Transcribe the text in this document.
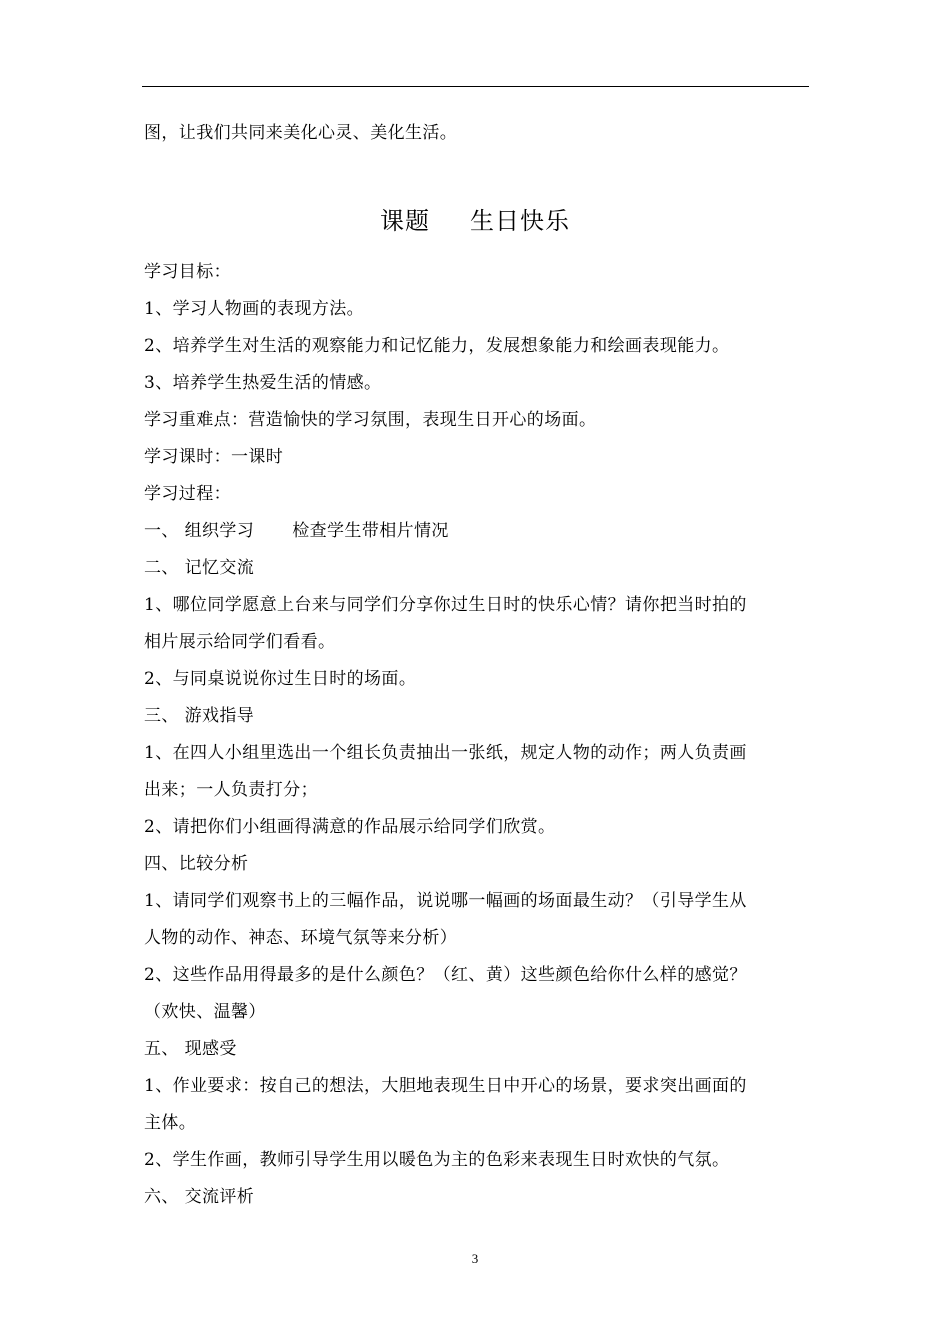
图，让我们共同来美化心灵、美化生活。
课题 生日快乐
学习目标：
1、学习人物画的表现方法。
2、培养学生对生活的观察能力和记忆能力，发展想象能力和绘画表现能力。
3、培养学生热爱生活的情感。
学习重难点：营造愉快的学习氛围，表现生日开心的场面。
学习课时：一课时
学习过程：
一、 组织学习 检查学生带相片情况
二、 记忆交流
1、哪位同学愿意上台来与同学们分享你过生日时的快乐心情？请你把当时拍的
相片展示给同学们看看。
2、与同桌说说你过生日时的场面。
三、 游戏指导
1、在四人小组里选出一个组长负责抽出一张纸，规定人物的动作；两人负责画
出来；一人负责打分；
2、请把你们小组画得满意的作品展示给同学们欣赏。
四、比较分析
1、请同学们观察书上的三幅作品，说说哪一幅画的场面最生动？（引导学生从
人物的动作、神态、环境气氛等来分析）
2、这些作品用得最多的是什么颜色？（红、黄）这些颜色给你什么样的感觉？
（欢快、温馨）
五、 现感受
1、作业要求：按自己的想法，大胆地表现生日中开心的场景，要求突出画面的
主体。
2、学生作画，教师引导学生用以暖色为主的色彩来表现生日时欢快的气氛。
六、 交流评析
3
